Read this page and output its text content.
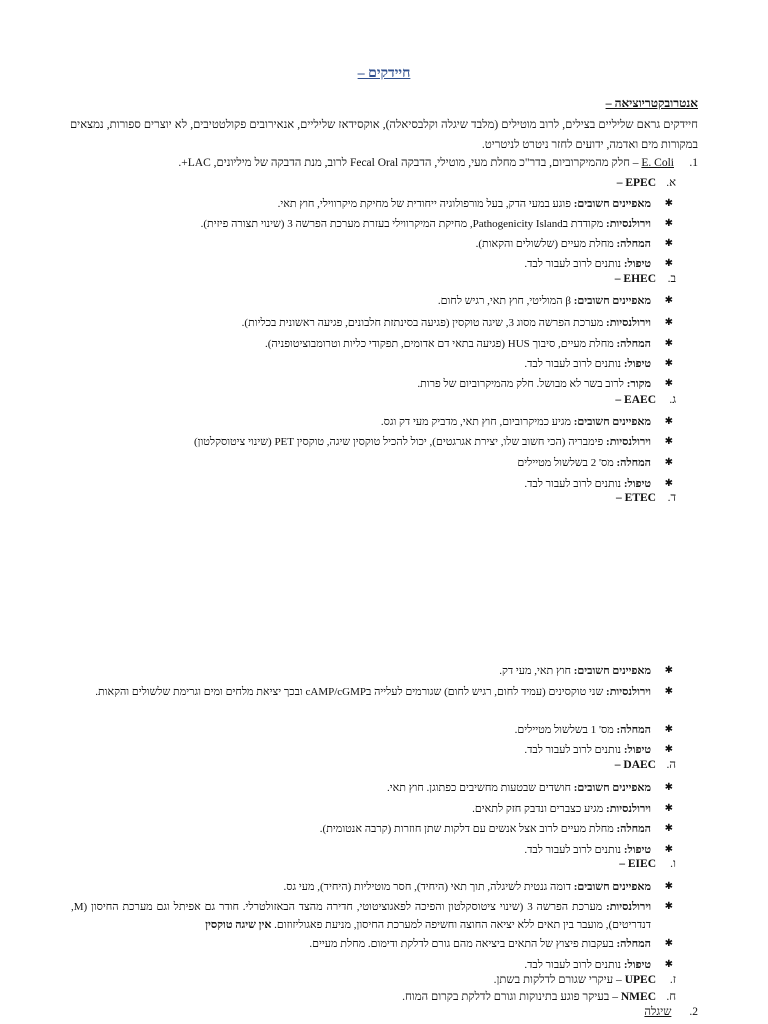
חיידקים –
אנטרובקטריוציאה –
חיידקים גראם שליליים בצילים, לרוב מוטילים (מלבד שיגלה וקלבסיאלה), אוקסידאז שליליים, אנאירובים פקולטטיבים, לא יוצרים ספורות, נמצאים במקורות מים ואדמה, ידועים לחזר ניטרט לניטריט.
1.
E. Coli – חלק מהמיקרוביום, בדר"כ מחלת מעי, מוטילי, הדבקה Fecal Oral לרוב, מנת הדבקה של מיליונים, LAC+.
א.EPEC –
✱
מאפיינים חשובים: פוגע במעי הדק, בעל מורפולוגיה ייחודית של מחיקת מיקרווילי, חוץ תאי.
✱
וירולנסיות: מקודדת בPathogenicity Island, מחיקת המיקרווילי בעזרת מערכת הפרשה 3 (שינוי תצורה פיזית).
✱
המחלה: מחלת מעיים (שלשולים והקאות).
✱
טיפול: נותנים לרוב לעבור לבד.
ב.EHEC –
✱
מאפיינים חשובים: β המוליטי, חוץ תאי, רגיש לחום.
✱
וירולנסיות: מערכת הפרשה מסוג 3, שיגה טוקסין (פגיעה בסינתזת חלבונים, פגיעה ראשונית בכליות).
✱
המחלה: מחלת מעיים, סיבוך HUS (פגיעה בתאי דם אדומים, תפקודי כליות וטרומבוציטופניה).
✱
טיפול: נותנים לרוב לעבור לבד.
✱
מקור: לרוב בשר לא מבושל. חלק מהמיקרוביום של פרות.
ג.EAEC –
✱
מאפיינים חשובים: מגיע כמיקרוביום, חוץ תאי, מדביק מעי דק וגס.
✱
וירולנסיות: פימבריה (הכי חשוב שלו, יצירת אגרגטים), יכול להכיל טוקסין שיגה, טוקסין PET (שינוי ציטוסקלטון)
✱
המחלה: מס' 2 בשלשול מטיילים
✱
טיפול: נותנים לרוב לעבור לבד.
ד.ETEC –
✱
מאפיינים חשובים: חוץ תאי, מעי דק.
✱
וירולנסיות: שני טוקסינים (עמיד לחום, רגיש לחום) שגורמים לעלייה בcAMP/cGMP ובכך יציאת מלחים ומים וגרימת שלשולים והקאות.
✱
המחלה: מס' 1 בשלשול מטיילים.
✱
טיפול: נותנים לרוב לעבור לבד.
ה.DAEC –
✱
מאפיינים חשובים: חושדים שבטעות מחשיבים כפתוגן. חוץ תאי.
✱
וירולנסיות: מגיע כצברים ונדבק חזק לתאים.
✱
המחלה: מחלת מעיים לרוב אצל אנשים עם דלקות שתן חוזרות (קרבה אנטומית).
✱
טיפול: נותנים לרוב לעבור לבד.
ו.EIEC –
✱
מאפיינים חשובים: דומה גנטית לשיגלה, תוך תאי (היחיד), חסר מוטיליות (היחיד), מעי גס.
✱
וירולנסיות: מערכת הפרשה 3 (שינוי ציטוסקלטון והפיכה לפאגוציטוטי, חדירה מהצד הבאזולטרלי. חודר גם אפיתל וגם מערכת החיסון (M, דנדריטים), מועבר בין תאים ללא יציאה החוצה וחשיפה למערכת החיסון, מניעת פאגוליזוזום. אין שיגה טוקסין
✱
המחלה: בעקבות פיצוץ של התאים ביציאה מהם גורם לדלקת ודימום. מחלת מעיים.
✱
טיפול: נותנים לרוב לעבור לבד.
ז.UPEC – עיקרי שגורם לדלקות בשתן.
ח.NMEC – בעיקר פוגע בתינוקות וגורם לדלקת בקרום המוח.
2.שיגלה
